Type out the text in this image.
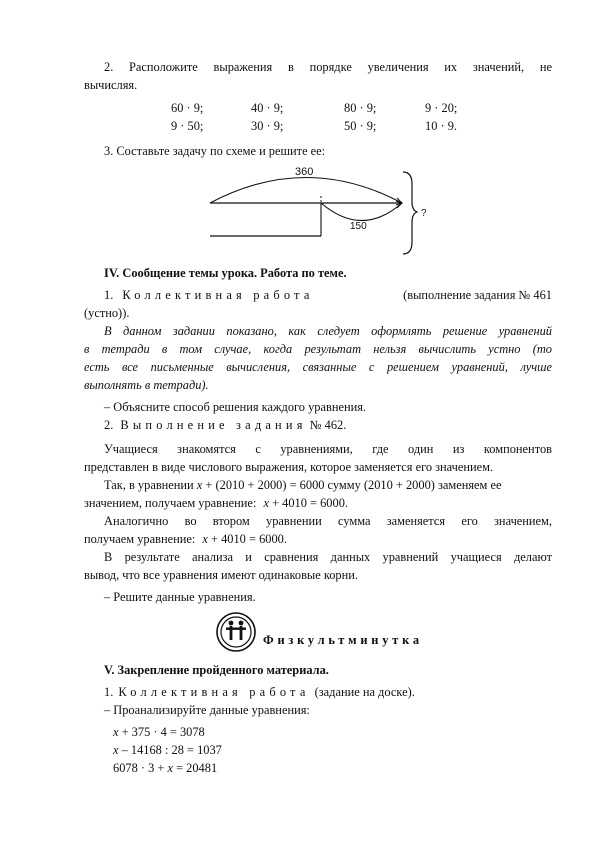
2. Расположите выражения в порядке увеличения их значений, не
вычисляя.
60 · 9;	40 · 9;	80 · 9;	9 · 20;
9 · 50;	30 · 9;	50 · 9;	10 · 9.
3. Составьте задачу по схеме и решите ее:
360
150
?
IV. Сообщение темы урока. Работа по теме.
1. Коллективная работа	(выполнение задания № 461
(устно)).
В данном задании показано, как следует оформлять решение уравнений
в тетради в том случае, когда результат нельзя вычислить устно (то
есть все письменные вычисления, связанные с решением уравнений, лучше
выполнять в тетради).
– Объясните способ решения каждого уравнения.
2. Выполнение задания № 462.
Учащиеся знакомятся с уравнениями, где один из компонентов
представлен в виде числового выражения, которое заменяется его значением.
Так, в уравнении x + (2010 + 2000) = 6000 сумму (2010 + 2000) заменяем ее
значением, получаем уравнение: x + 4010 = 6000.
Аналогично во втором уравнении сумма заменяется его значением,
получаем уравнение: x + 4010 = 6000.
В результате анализа и сравнения данных уравнений учащиеся делают
вывод, что все уравнения имеют одинаковые корни.
– Решите данные уравнения.
Физкультминутка
V. Закрепление пройденного материала.
1. Коллективная работа (задание на доске).
– Проанализируйте данные уравнения:
x + 375 · 4 = 3078
x – 14168 : 28 = 1037
6078 · 3 + x = 20481
